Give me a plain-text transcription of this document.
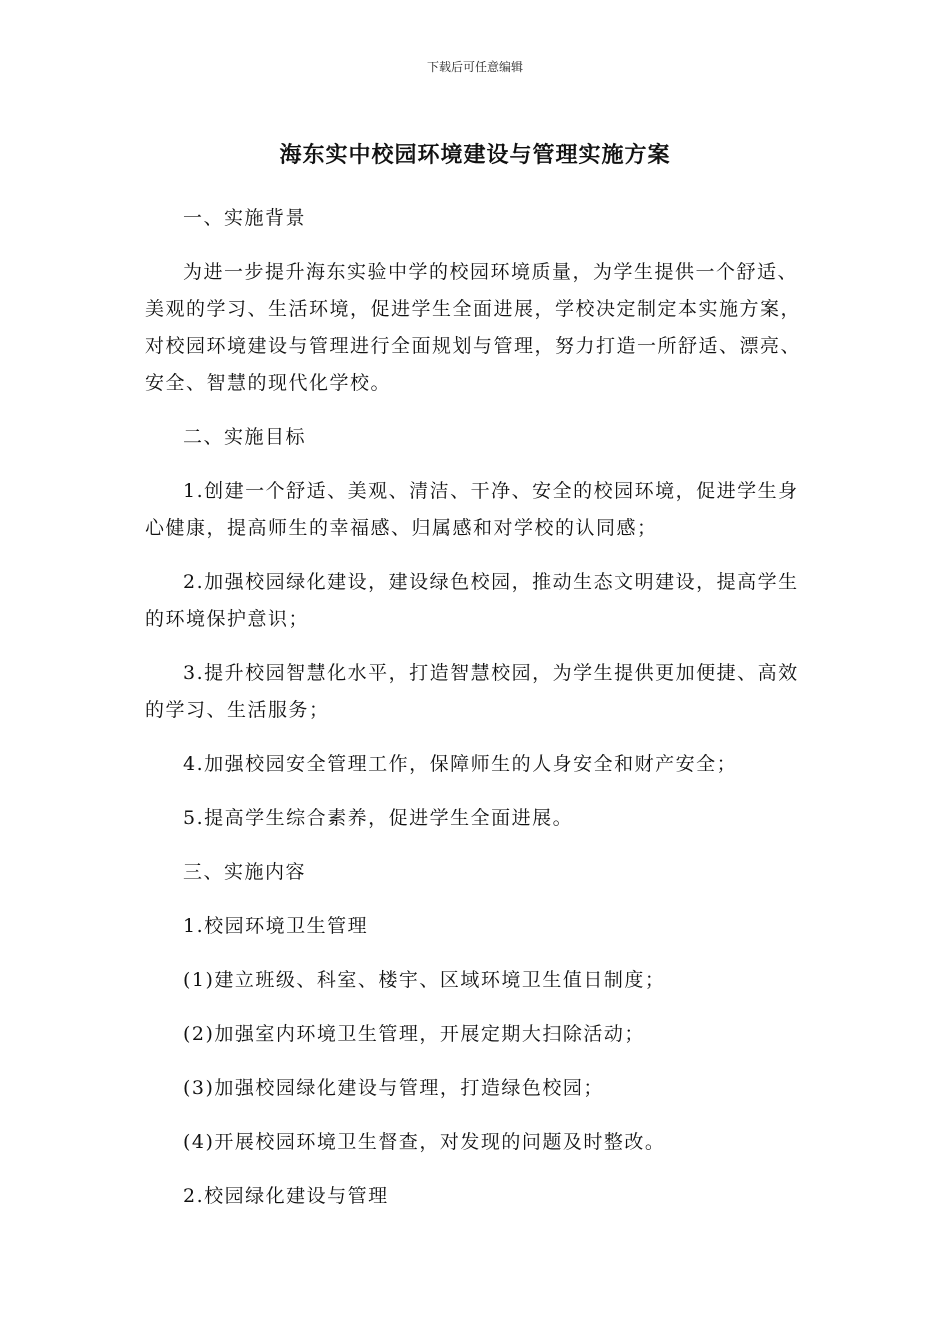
下载后可任意编辑
海东实中校园环境建设与管理实施方案

一、实施背景

为进一步提升海东实验中学的校园环境质量，为学生提供一个舒适、美观的学习、生活环境，促进学生全面进展，学校决定制定本实施方案，对校园环境建设与管理进行全面规划与管理，努力打造一所舒适、漂亮、安全、智慧的现代化学校。

二、实施目标

1.创建一个舒适、美观、清洁、干净、安全的校园环境，促进学生身心健康，提高师生的幸福感、归属感和对学校的认同感；

2.加强校园绿化建设，建设绿色校园，推动生态文明建设，提高学生的环境保护意识；

3.提升校园智慧化水平，打造智慧校园，为学生提供更加便捷、高效的学习、生活服务；

4.加强校园安全管理工作，保障师生的人身安全和财产安全；

5.提高学生综合素养，促进学生全面进展。

三、实施内容

1.校园环境卫生管理

(1)建立班级、科室、楼宇、区域环境卫生值日制度；

(2)加强室内环境卫生管理，开展定期大扫除活动；

(3)加强校园绿化建设与管理，打造绿色校园；

(4)开展校园环境卫生督查，对发现的问题及时整改。

2.校园绿化建设与管理
